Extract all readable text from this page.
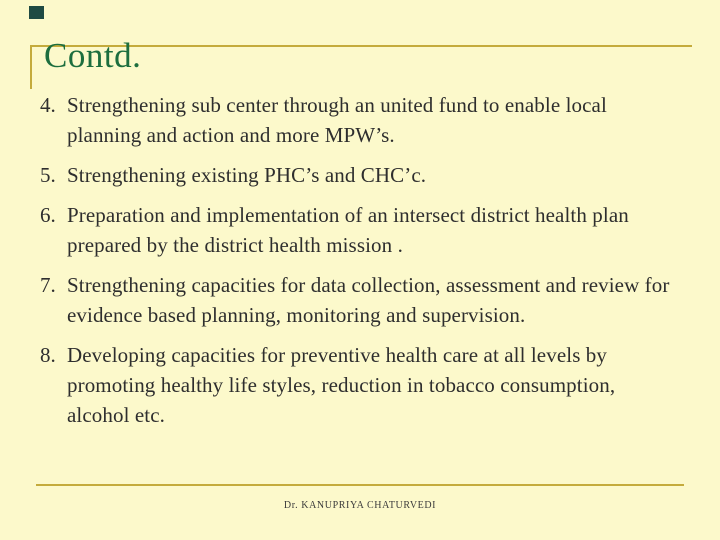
Contd.
4. Strengthening sub center through an united fund to enable local planning and action and more MPW’s.
5. Strengthening existing PHC’s and CHC’c.
6. Preparation and implementation of an intersect district health plan prepared by the district health mission .
7. Strengthening capacities for data collection, assessment and review for evidence based planning, monitoring and supervision.
8. Developing capacities for preventive health care at all levels by promoting healthy life styles, reduction in tobacco consumption, alcohol etc.
Dr. KANUPRIYA CHATURVEDI
